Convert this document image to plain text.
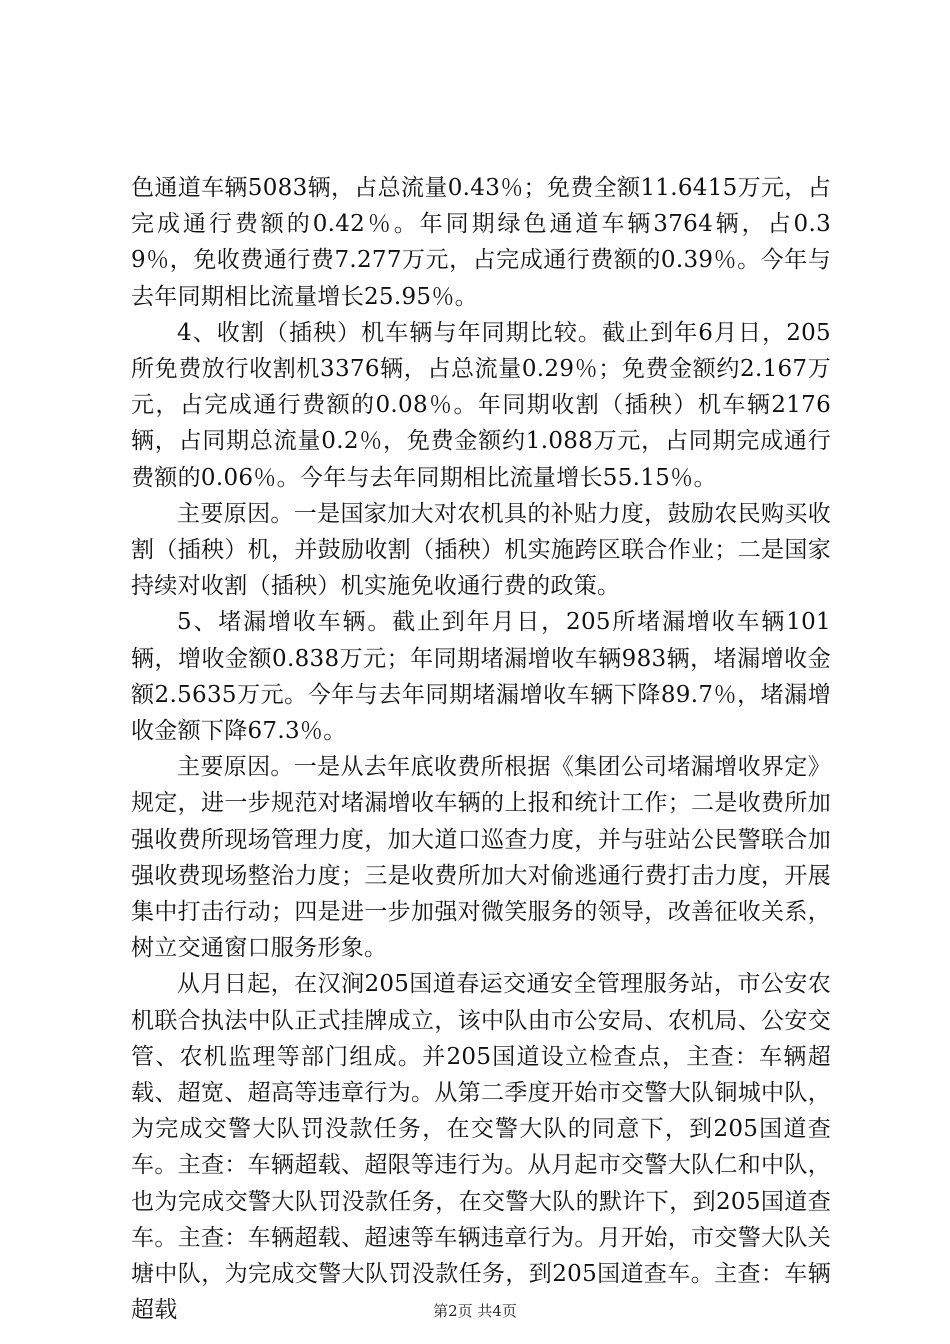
色通道车辆5083辆，占总流量0.43％；免费全额11.6415万元，占完成通行费额的0.42％。年同期绿色通道车辆3764辆，占0.39％，免收费通行费7.277万元，占完成通行费额的0.39％。今年与去年同期相比流量增长25.95％。

4、收割（插秧）机车辆与年同期比较。截止到年6月日，205所免费放行收割机3376辆，占总流量0.29％；免费金额约2.167万元，占完成通行费额的0.08％。年同期收割（插秧）机车辆2176辆，占同期总流量0.2％，免费金额约1.088万元，占同期完成通行费额的0.06％。今年与去年同期相比流量增长55.15％。

主要原因。一是国家加大对农机具的补贴力度，鼓励农民购买收割（插秧）机，并鼓励收割（插秧）机实施跨区联合作业；二是国家持续对收割（插秧）机实施免收通行费的政策。

5、堵漏增收车辆。截止到年月日，205所堵漏增收车辆101辆，增收金额0.838万元；年同期堵漏增收车辆983辆，堵漏增收金额2.5635万元。今年与去年同期堵漏增收车辆下降89.7％，堵漏增收金额下降67.3％。

主要原因。一是从去年底收费所根据《集团公司堵漏增收界定》规定，进一步规范对堵漏增收车辆的上报和统计工作；二是收费所加强收费所现场管理力度，加大道口巡查力度，并与驻站公民警联合加强收费现场整治力度；三是收费所加大对偷逃通行费打击力度，开展集中打击行动；四是进一步加强对微笑服务的领导，改善征收关系，树立交通窗口服务形象。

从月日起，在汉涧205国道春运交通安全管理服务站，市公安农机联合执法中队正式挂牌成立，该中队由市公安局、农机局、公安交管、农机监理等部门组成。并205国道设立检查点，主查：车辆超载、超宽、超高等违章行为。从第二季度开始市交警大队铜城中队，为完成交警大队罚没款任务，在交警大队的同意下，到205国道查车。主查：车辆超载、超限等违行为。从月起市交警大队仁和中队，也为完成交警大队罚没款任务，在交警大队的默许下，到205国道查车。主查：车辆超载、超速等车辆违章行为。月开始，市交警大队关塘中队，为完成交警大队罚没款任务，到205国道查车。主查：车辆超载	第2页 共4页
